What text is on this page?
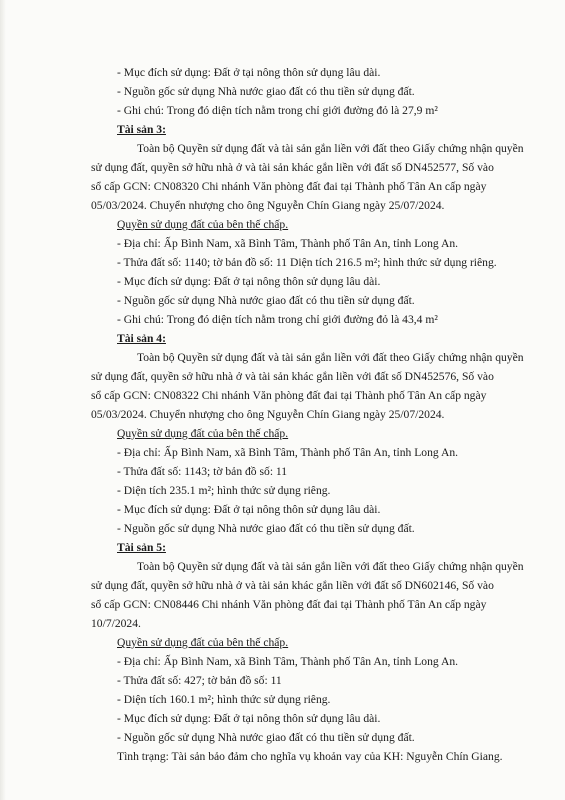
- Mục đích sử dụng: Đất ở tại nông thôn sử dụng lâu dài.
- Nguồn gốc sử dụng Nhà nước giao đất có thu tiền sử dụng đất.
- Ghi chú: Trong đó diện tích nằm trong chỉ giới đường đỏ là 27,9 m²
Tài sản 3:
Toàn bộ Quyền sử dụng đất và tài sản gắn liền với đất theo Giấy chứng nhận quyền
sử dụng đất, quyền sở hữu nhà ở và tài sản khác gắn liền với đất số DN452577, Số vào
sổ cấp GCN: CN08320 Chi nhánh Văn phòng đất đai tại Thành phố Tân An cấp ngày
05/03/2024. Chuyển nhượng cho ông Nguyễn Chín Giang ngày 25/07/2024.
Quyền sử dụng đất của bên thế chấp.
- Địa chỉ: Ấp Bình Nam, xã Bình Tâm, Thành phố Tân An, tỉnh Long An.
- Thửa đất số: 1140; tờ bản đồ số: 11 Diện tích 216.5 m²; hình thức sử dụng riêng.
- Mục đích sử dụng: Đất ở tại nông thôn sử dụng lâu dài.
- Nguồn gốc sử dụng Nhà nước giao đất có thu tiền sử dụng đất.
- Ghi chú: Trong đó diện tích nằm trong chỉ giới đường đỏ là 43,4 m²
Tài sản 4:
Toàn bộ Quyền sử dụng đất và tài sản gắn liền với đất theo Giấy chứng nhận quyền
sử dụng đất, quyền sở hữu nhà ở và tài sản khác gắn liền với đất số DN452576, Số vào
sổ cấp GCN: CN08322 Chi nhánh Văn phòng đất đai tại Thành phố Tân An cấp ngày
05/03/2024. Chuyển nhượng cho ông Nguyễn Chín Giang ngày 25/07/2024.
Quyền sử dụng đất của bên thế chấp.
- Địa chỉ: Ấp Bình Nam, xã Bình Tâm, Thành phố Tân An, tỉnh Long An.
- Thửa đất số: 1143; tờ bản đồ số: 11
- Diện tích 235.1 m²; hình thức sử dụng riêng.
- Mục đích sử dụng: Đất ở tại nông thôn sử dụng lâu dài.
- Nguồn gốc sử dụng Nhà nước giao đất có thu tiền sử dụng đất.
Tài sản 5:
Toàn bộ Quyền sử dụng đất và tài sản gắn liền với đất theo Giấy chứng nhận quyền
sử dụng đất, quyền sở hữu nhà ở và tài sản khác gắn liền với đất số DN602146, Số vào
sổ cấp GCN: CN08446 Chi nhánh Văn phòng đất đai tại Thành phố Tân An cấp ngày
10/7/2024.
Quyền sử dụng đất của bên thế chấp.
- Địa chỉ: Ấp Bình Nam, xã Bình Tâm, Thành phố Tân An, tỉnh Long An.
- Thửa đất số: 427; tờ bản đồ số: 11
- Diện tích 160.1 m²; hình thức sử dụng riêng.
- Mục đích sử dụng: Đất ở tại nông thôn sử dụng lâu dài.
- Nguồn gốc sử dụng Nhà nước giao đất có thu tiền sử dụng đất.
Tình trạng: Tài sản bảo đảm cho nghĩa vụ khoản vay của KH: Nguyễn Chín Giang.
